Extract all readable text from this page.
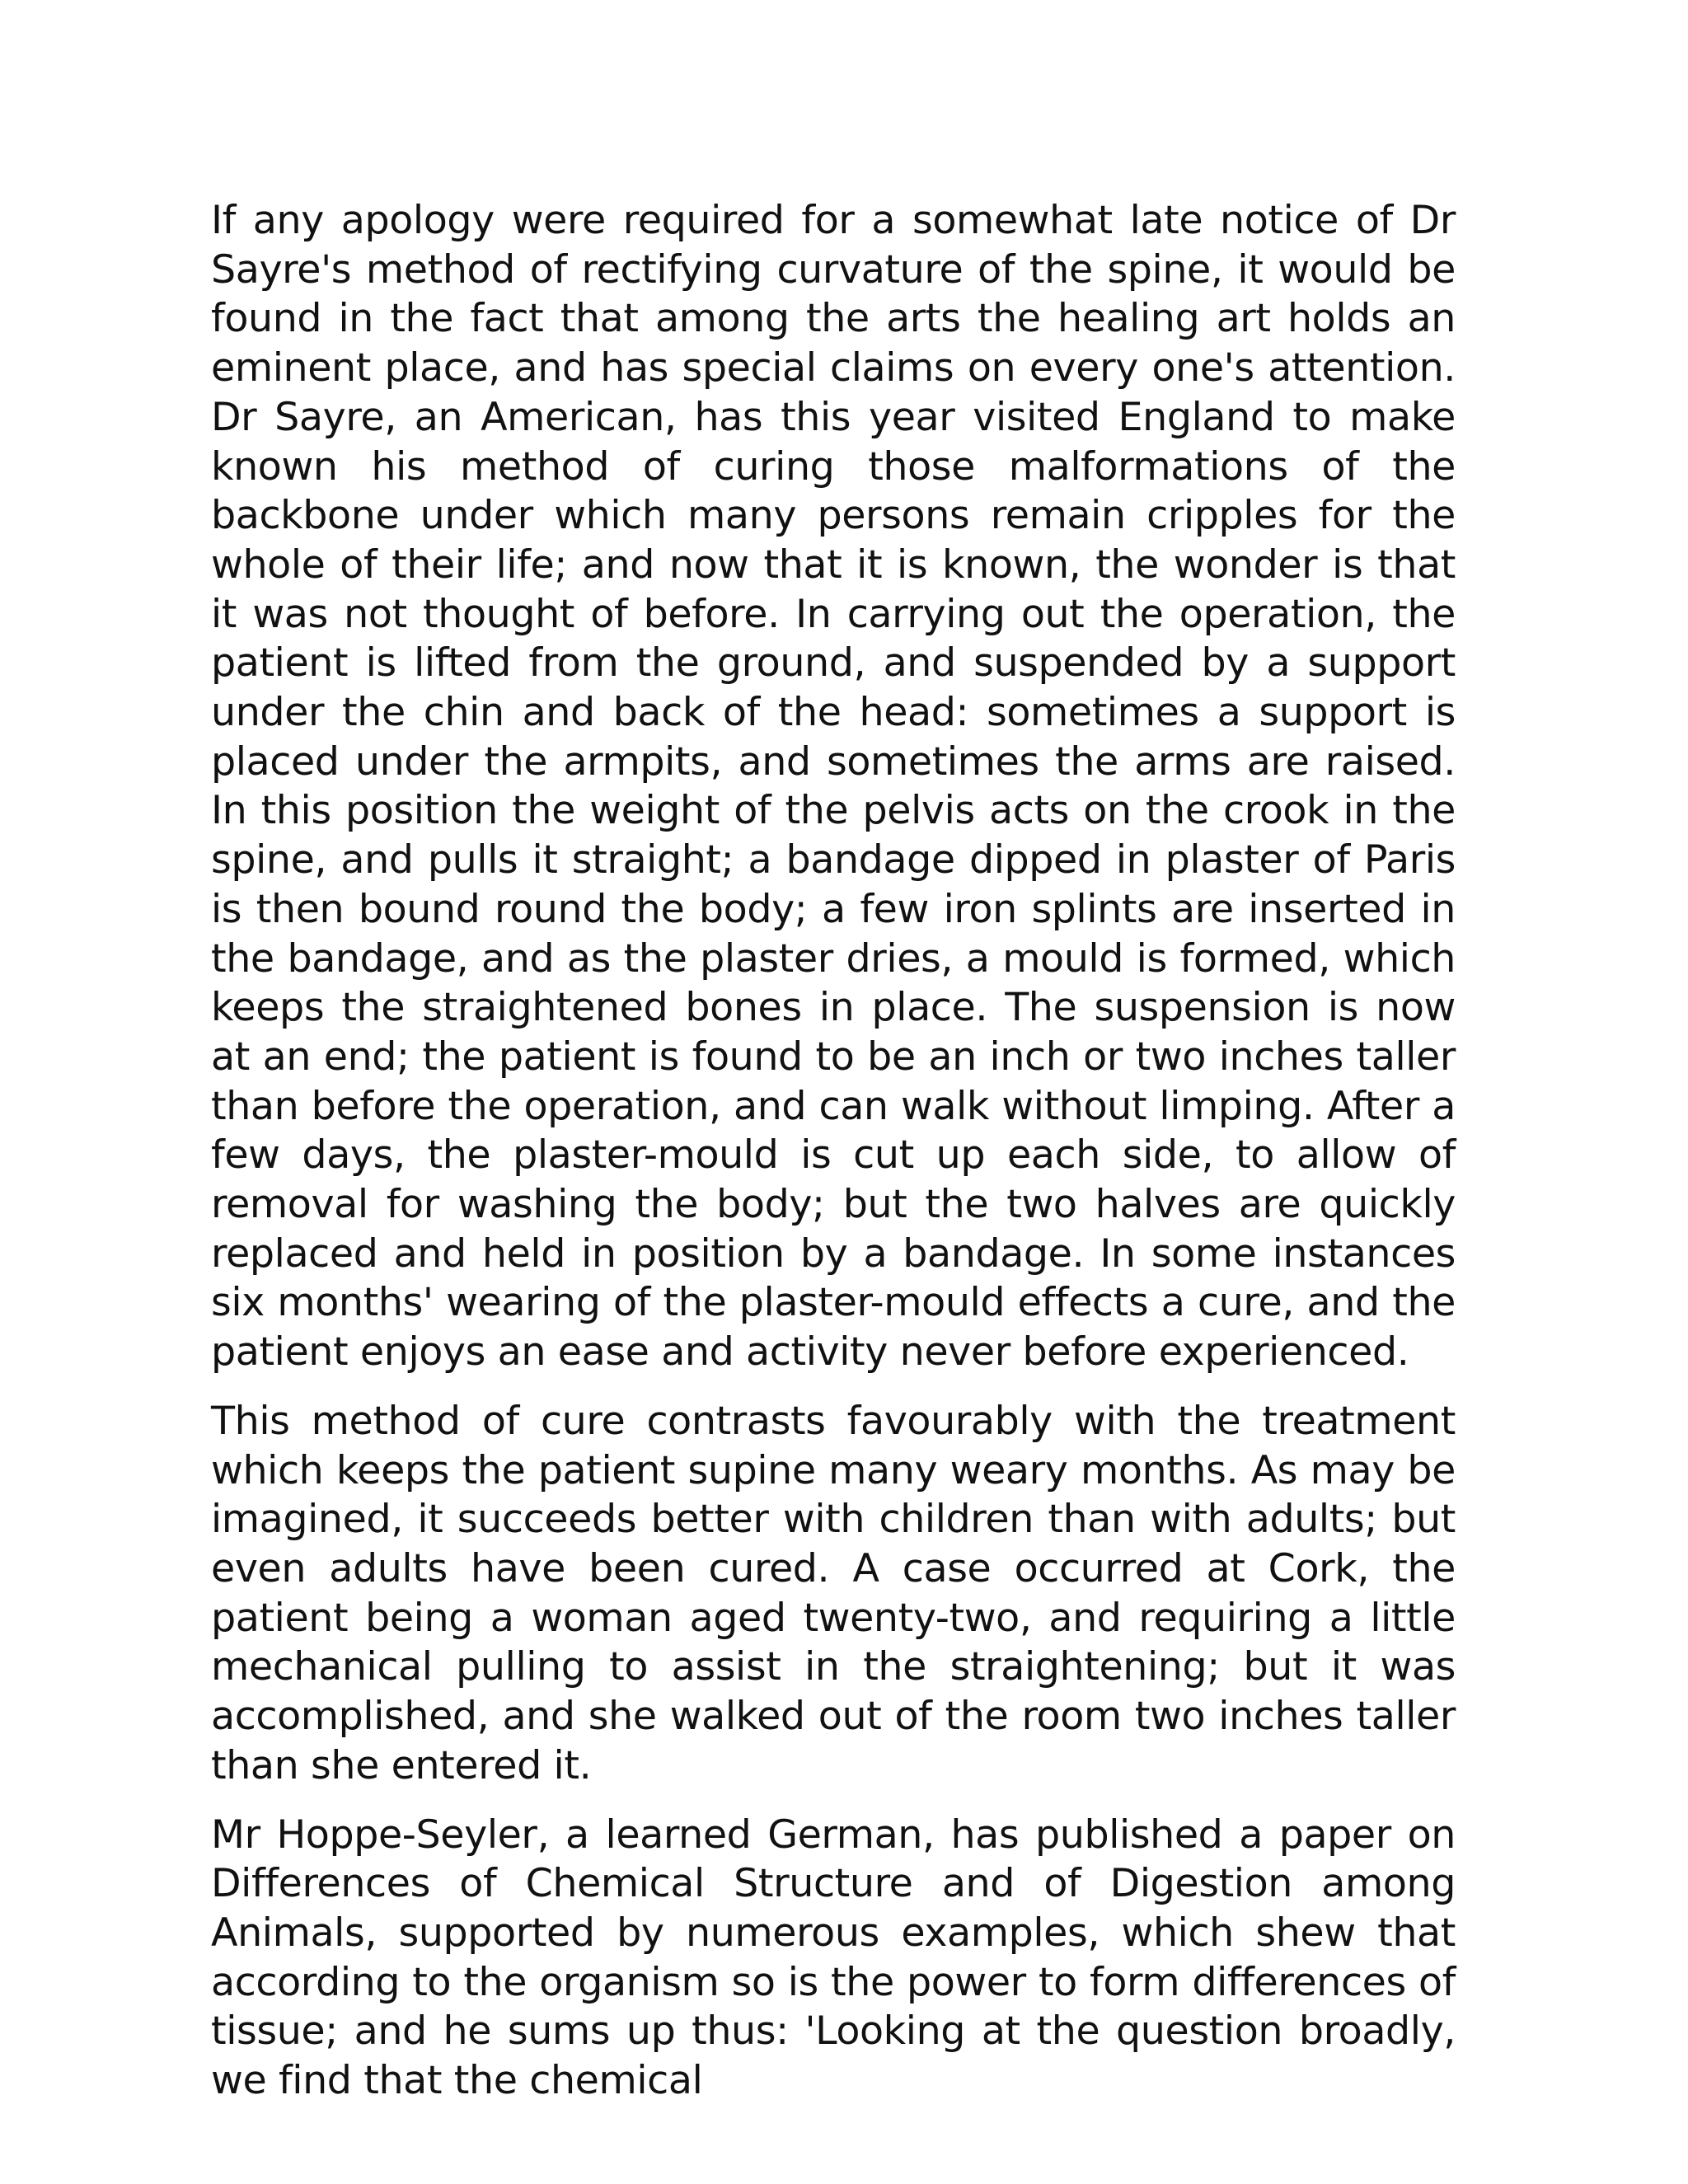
If any apology were required for a somewhat late notice of Dr Sayre's method of rectifying curvature of the spine, it would be found in the fact that among the arts the healing art holds an eminent place, and has special claims on every one's attention. Dr Sayre, an American, has this year visited England to make known his method of curing those malformations of the backbone under which many persons remain cripples for the whole of their life; and now that it is known, the wonder is that it was not thought of before. In carrying out the operation, the patient is lifted from the ground, and suspended by a support under the chin and back of the head: sometimes a support is placed under the armpits, and sometimes the arms are raised. In this position the weight of the pelvis acts on the crook in the spine, and pulls it straight; a bandage dipped in plaster of Paris is then bound round the body; a few iron splints are inserted in the bandage, and as the plaster dries, a mould is formed, which keeps the straightened bones in place. The suspension is now at an end; the patient is found to be an inch or two inches taller than before the operation, and can walk without limping. After a few days, the plaster-mould is cut up each side, to allow of removal for washing the body; but the two halves are quickly replaced and held in position by a bandage. In some instances six months' wearing of the plaster-mould effects a cure, and the patient enjoys an ease and activity never before experienced.

This method of cure contrasts favourably with the treatment which keeps the patient supine many weary months. As may be imagined, it succeeds better with children than with adults; but even adults have been cured. A case occurred at Cork, the patient being a woman aged twenty-two, and requiring a little mechanical pulling to assist in the straightening; but it was accomplished, and she walked out of the room two inches taller than she entered it.

Mr Hoppe-Seyler, a learned German, has published a paper on Differences of Chemical Structure and of Digestion among Animals, supported by numerous examples, which shew that according to the organism so is the power to form differences of tissue; and he sums up thus: 'Looking at the question broadly, we find that the chemical
